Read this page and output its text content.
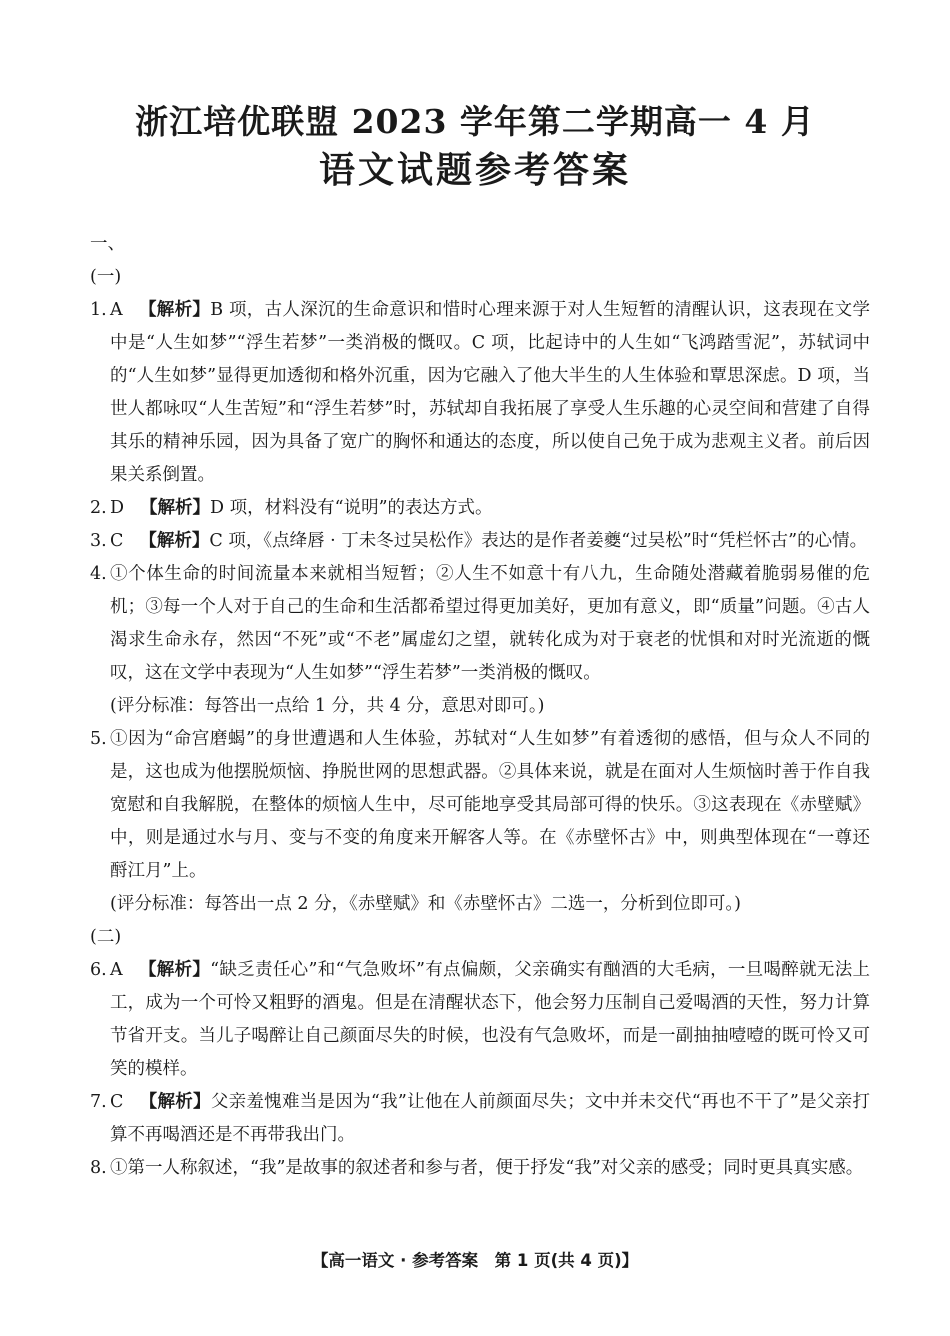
浙江培优联盟 2023 学年第二学期高一 4 月
语文试题参考答案
一、
(一)
1. A 【解析】B 项，古人深沉的生命意识和惜时心理来源于对人生短暂的清醒认识，这表现在文学中是“人生如梦”“浮生若梦”一类消极的慨叹。C 项，比起诗中的人生如“飞鸿踏雪泥”，苏轼词中的“人生如梦”显得更加透彻和格外沉重，因为它融入了他大半生的人生体验和覃思深虑。D 项，当世人都咏叹“人生苦短”和“浮生若梦”时，苏轼却自我拓展了享受人生乐趣的心灵空间和营建了自得其乐的精神乐园，因为具备了宽广的胸怀和通达的态度，所以使自己免于成为悲观主义者。前后因果关系倒置。
2. D 【解析】D 项，材料没有“说明”的表达方式。
3. C 【解析】C 项，《点绛唇 · 丁未冬过吴松作》表达的是作者姜夔“过吴松”时“凭栏怀古”的心情。
4. ①个体生命的时间流量本来就相当短暂；②人生不如意十有八九，生命随处潜藏着脆弱易催的危机；③每一个人对于自己的生命和生活都希望过得更加美好，更加有意义，即“质量”问题。④古人渴求生命永存，然因“不死”或“不老”属虚幻之望，就转化成为对于衰老的忧惧和对时光流逝的慨叹，这在文学中表现为“人生如梦”“浮生若梦”一类消极的慨叹。
(评分标准：每答出一点给 1 分，共 4 分，意思对即可。)
5. ①因为“命宫磨蝎”的身世遭遇和人生体验，苏轼对“人生如梦”有着透彻的感悟，但与众人不同的是，这也成为他摆脱烦恼、挣脱世网的思想武器。②具体来说，就是在面对人生烦恼时善于作自我宽慰和自我解脱，在整体的烦恼人生中，尽可能地享受其局部可得的快乐。③这表现在《赤壁赋》中，则是通过水与月、变与不变的角度来开解客人等。在《赤壁怀古》中，则典型体现在“一尊还酹江月”上。
(评分标准：每答出一点 2 分，《赤壁赋》和《赤壁怀古》二选一，分析到位即可。)
(二)
6. A 【解析】“缺乏责任心”和“气急败坏”有点偏颇，父亲确实有酗酒的大毛病，一旦喝醉就无法上工，成为一个可怜又粗野的酒鬼。但是在清醒状态下，他会努力压制自己爱喝酒的天性，努力计算节省开支。当儿子喝醉让自己颜面尽失的时候，也没有气急败坏，而是一副抽抽噎噎的既可怜又可笑的模样。
7. C 【解析】父亲羞愧难当是因为“我”让他在人前颜面尽失；文中并未交代“再也不干了”是父亲打算不再喝酒还是不再带我出门。
8. ①第一人称叙述，“我”是故事的叙述者和参与者，便于抒发“我”对父亲的感受；同时更具真实感。
【高一语文 · 参考答案　第 1 页(共 4 页)】
